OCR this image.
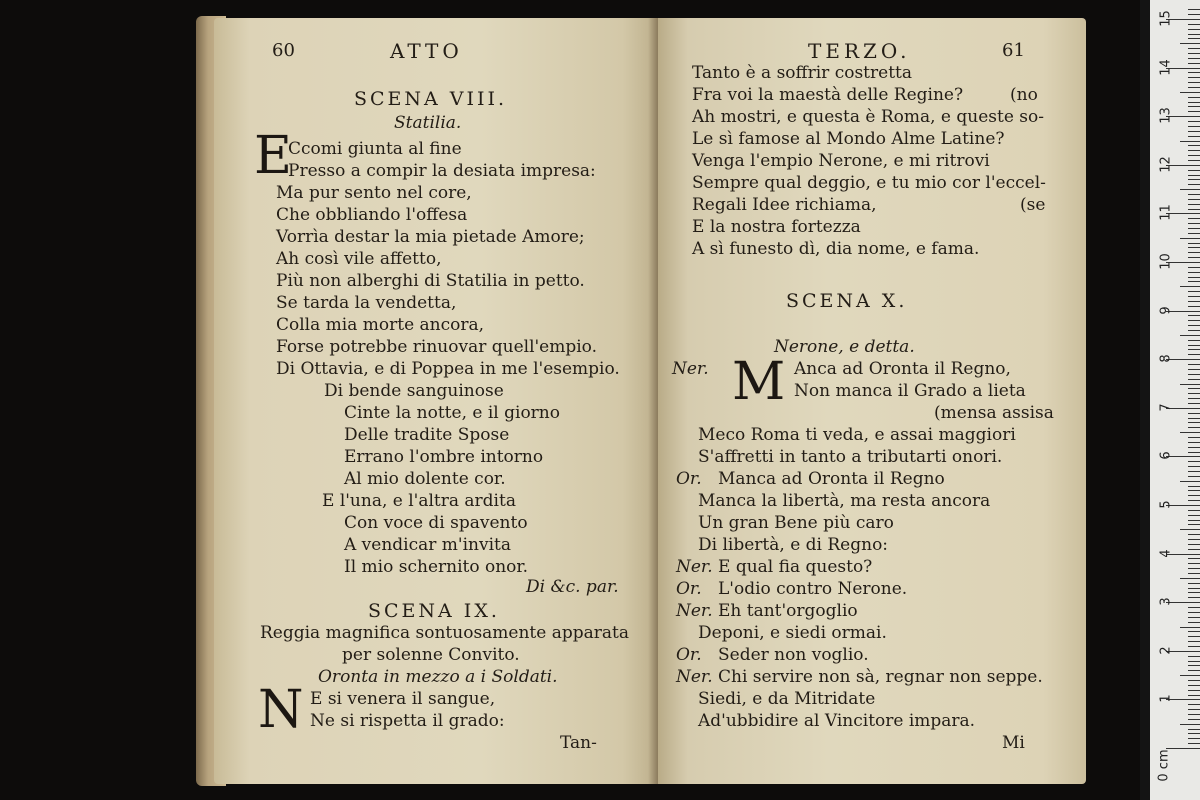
60	ATTO
SCENA VIII.
Statilia.
E
Ccomi giunta al fine
Presso a compir la desiata impresa:
Ma pur sento nel core,
Che obbliando l'offesa
Vorrìa destar la mia pietade Amore;
Ah così vile affetto,
Più non alberghi di Statilia in petto.
Se tarda la vendetta,
Colla mia morte ancora,
Forse potrebbe rinuovar quell'empio.
Di Ottavia, e di Poppea in me l'esempio.
Di bende sanguinose
Cinte la notte, e il giorno
Delle tradite Spose
Errano l'ombre intorno
Al mio dolente cor.
E l'una, e l'altra ardita
Con voce di spavento
A vendicar m'invita
Il mio schernito onor.
Di &c. par.
SCENA IX.
Reggia magnifica sontuosamente apparata
per solenne Convito.
Oronta in mezzo a i Soldati.
N E si venera il sangue,
Ne si rispetta il grado:
Tan-
TERZO.	61
Tanto è a soffrir costretta
Fra voi la maestà delle Regine?
Ah mostri, e questa è Roma, e queste so-
Le sì famose al Mondo Alme Latine?
Venga l'empio Nerone, e mi ritrovi
Sempre qual deggio, e tu mio cor l'eccel-
Regali Idee richiama,
E la nostra fortezza
A sì funesto dì, dia nome, e fama.
(no
(se
SCENA X.
Nerone, e detta.
Ner. M Anca ad Oronta il Regno,
Non manca il Grado a lieta
(mensa assisa
Meco Roma ti veda, e assai maggiori
S'affretti in tanto a tributarti onori.
Or. Manca ad Oronta il Regno
Manca la libertà, ma resta ancora
Un gran Bene più caro
Di libertà, e di Regno:
Ner. E qual fia questo?
Or. L'odio contro Nerone.
Ner. Eh tant'orgoglio
Deponi, e siedi ormai.
Or. Seder non voglio.
Ner. Chi servire non sà, regnar non seppe.
Siedi, e da Mitridate
Ad'ubbidire al Vincitore impara.
Mi
1
2
3
4
5
6
7
8
9
10
11
12
13
14
15
0 cm
